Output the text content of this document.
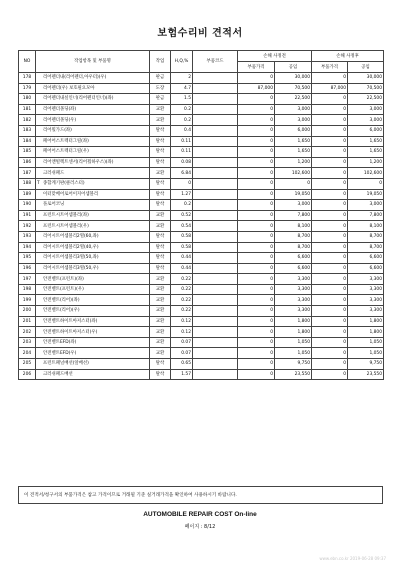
보험수리비 견적서
NO	작업항목 및 부품명	작업	H,Q,%	부품코드	손해 사정전		손해 사정후	
					부품가격	공임	부품가격	공임
178	리어펜더내(리어펜더,아우터)(우)	판금	2		0	30,000	0	30,000
179	리어펜더(우) 보호필요모아	도장	4.7		87,000	70,500	87,000	70,500
180	리어펜더내실인너(리어펜더인너)(좌)	판금	1.5		0	22,500	0	22,500
181	리어펜더몰딩(좌)	교환	0.2		0	3,000	0	3,000
182	리어펜더몰딩(우)	교환	0.2		0	3,000	0	3,000
183	리어휠가드(좌)	탈착	0.4		0	6,000	0	6,000
184	페어어스트렉터그릴(좌)	탈착	0.11		0	1,650	0	1,650
185	페어어스트렉터그릴(우)	탈착	0.11		0	1,650	0	1,650
186	리어앤빌렉트센서(리어휠하우스)(좌)	탈착	0.08		0	1,200	0	1,200
187	크러쉬패드	교환	6.84		0	102,600	0	102,600
188	T 종합계기판(클러스터)	탈착	0		0	0	0	0
189	이터맞베어로어이지어셈블리	탈착	1.27		0	19,050	0	19,050
190	플로어코닝	탈착	0.2		0	3,000	0	3,000
191	프런트시트어셈블리(좌)	교환	0.52		0	7,800	0	7,800
192	프런트시트어셈블리(우)	교환	0.54		0	8,100	0	8,100
193	리어시트어셈블리2열(60,좌)	탈착	0.58		0	8,700	0	8,700
194	리어시트어셈블리2열(40,우)	탈착	0.58		0	8,700	0	8,700
195	리어시트어셈블리3열(50,좌)	탈착	0.44		0	6,600	0	6,600
196	리어시트어셈블리3열(50,우)	탈착	0.44		0	6,600	0	6,600
197	안전벨트(프런트)(좌)	교환	0.22		0	3,300	0	3,300
198	안전벨트(프런트)(우)	교환	0.22		0	3,300	0	3,300
199	안전벨트(리어)(좌)	교환	0.22		0	3,300	0	3,300
200	안전벨트(리어)(우)	교환	0.22		0	3,300	0	3,300
201	안전벨트하이트아저스터(좌)	교환	0.12		0	1,800	0	1,800
202	안전벨트하이트아저스터(우)	교환	0.12		0	1,800	0	1,800
203	안전벨트EFD(좌)	교환	0.07		0	1,050	0	1,050
204	안전벨트EFD(우)	교환	0.07		0	1,050	0	1,050
205	프런트패널배선(앞배선)	탈착	0.65		0	9,750	0	9,750
206	크러쉬패드배선	탈착	1.57		0	23,550	0	23,550
이 견적서/청구서의 부품가격은 참고 가격이므로 거래될 기준 실거래가격을 확인하여 사용하시기 바랍니다.
AUTOMOBILE REPAIR COST On-line
페이지 : 8/12
www.ebn.co.kr 2019-06-28 09:37
